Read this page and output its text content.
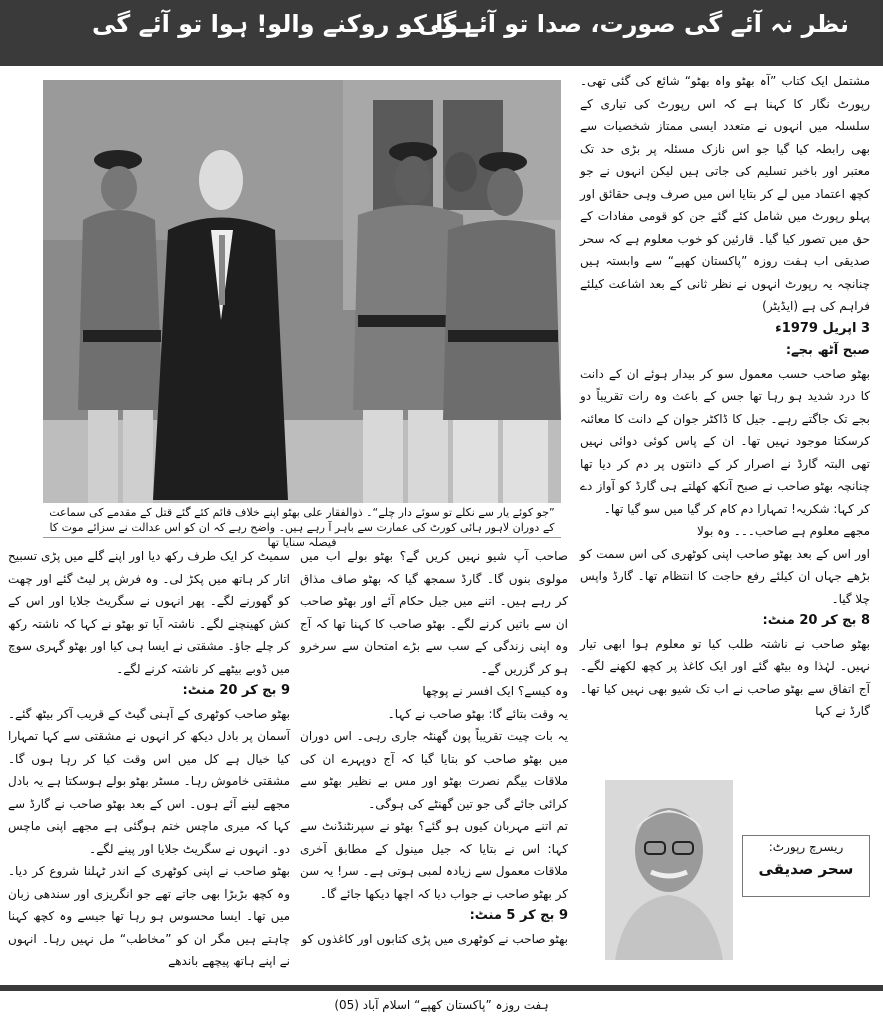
نظر نہ آئے گی صورت، صدا تو آئے گی
ہوا کو روکنے والو! ہوا تو آئے گی
”جو کوئے یار سے نکلے تو سوئے دار چلے“۔ ذوالفقار علی بھٹو اپنے خلاف قائم کئے گئے قتل کے مقدمے کی سماعت کے دوران لاہور ہائی کورٹ کی عمارت سے باہر آ رہے ہیں۔ واضح رہے کہ ان کو اس عدالت نے سزائے موت کا فیصلہ سنایا تھا

مشتمل ایک کتاب ”آہ بھٹو واہ بھٹو“ شائع کی گئی تھی۔ رپورٹ نگار کا کہنا ہے کہ اس رپورٹ کی تیاری کے سلسلہ میں انہوں نے متعدد ایسی ممتاز شخصیات سے بھی رابطہ کیا گیا جو اس نازک مسئلہ پر بڑی حد تک معتبر اور باخبر تسلیم کی جاتی ہیں لیکن انہوں نے جو کچھ اعتماد میں لے کر بتایا اس میں صرف وہی حقائق اور پہلو رپورٹ میں شامل کئے گئے جن کو قومی مفادات کے حق میں تصور کیا گیا۔ قارئین کو خوب معلوم ہے کہ سحر صدیقی اب ہفت روزہ ”پاکستان کھپے“ سے وابستہ ہیں چنانچہ یہ رپورٹ انہوں نے نظر ثانی کے بعد اشاعت کیلئے فراہم کی ہے (ایڈیٹر)

3 اپریل 1979ء

صبح آٹھ بجے:

بھٹو صاحب حسب معمول سو کر بیدار ہوئے ان کے دانت کا درد شدید ہو رہا تھا جس کے باعث وہ رات تقریباً دو بجے تک جاگتے رہے۔ جیل کا ڈاکٹر جوان کے دانت کا معائنہ کرسکتا موجود نہیں تھا۔ ان کے پاس کوئی دوائی نہیں تھی البتہ گارڈ نے اصرار کر کے دانتوں پر دم کر دیا تھا چنانچہ بھٹو صاحب نے صبح آنکھ کھلتے ہی گارڈ کو آواز دے کر کہا: شکریہ! تمہارا دم کام کر گیا میں سو گیا تھا۔

مجھے معلوم ہے صاحب۔۔۔ وہ بولا

اور اس کے بعد بھٹو صاحب اپنی کوٹھری کی اس سمت کو بڑھے جہاں ان کیلئے رفع حاجت کا انتظام تھا۔ گارڈ واپس چلا گیا۔

8 بج کر 20 منٹ:

بھٹو صاحب نے ناشتہ طلب کیا تو معلوم ہوا ابھی تیار نہیں۔ لہٰذا وہ بیٹھ گئے اور ایک کاغذ پر کچھ لکھنے لگے۔ آج اتفاق سے بھٹو صاحب نے اب تک شیو بھی نہیں کیا تھا۔ گارڈ نے کہا

صاحب آپ شیو نہیں کریں گے؟ بھٹو بولے اب میں مولوی بنوں گا۔ گارڈ سمجھ گیا کہ بھٹو صاف مذاق کر رہے ہیں۔ اتنے میں جیل حکام آئے اور بھٹو صاحب ان سے باتیں کرنے لگے۔ بھٹو صاحب کا کہنا تھا کہ آج وہ اپنی زندگی کے سب سے بڑے امتحان سے سرخرو ہو کر گزریں گے۔

وہ کیسے؟ ایک افسر نے پوچھا

یہ وقت بتائے گا: بھٹو صاحب نے کہا۔

یہ بات چیت تقریباً پون گھنٹہ جاری رہی۔ اس دوران میں بھٹو صاحب کو بتایا گیا کہ آج دوپہرے ان کی ملاقات بیگم نصرت بھٹو اور مس بے نظیر بھٹو سے کرائی جائے گی جو تین گھنٹے کی ہوگی۔

تم اتنے مہربان کیوں ہو گئے؟ بھٹو نے سپرنٹنڈنٹ سے کہا: اس نے بتایا کہ جیل مینول کے مطابق آخری ملاقات معمول سے زیادہ لمبی ہوتی ہے۔ سر! یہ سن کر بھٹو صاحب نے جواب دیا کہ اچھا دیکھا جائے گا۔

9 بج کر 5 منٹ:

بھٹو صاحب نے کوٹھری میں پڑی کتابوں اور کاغذوں کو

سمیٹ کر ایک طرف رکھ دیا اور اپنے گلے میں پڑی تسبیح اتار کر ہاتھ میں پکڑ لی۔ وہ فرش پر لیٹ گئے اور چھت کو گھورنے لگے۔ پھر انہوں نے سگریٹ جلایا اور اس کے کش کھینچنے لگے۔ ناشتہ آیا تو بھٹو نے کہا کہ ناشتہ رکھ کر چلے جاؤ۔ مشقتی نے ایسا ہی کیا اور بھٹو گہری سوچ میں ڈوبے بیٹھے کر ناشتہ کرنے لگے۔

9 بج کر 20 منٹ:

بھٹو صاحب کوٹھری کے آہنی گیٹ کے قریب آکر بیٹھ گئے۔ آسمان پر بادل دیکھ کر انہوں نے مشقتی سے کہا تمہارا کیا خیال ہے کل میں اس وقت کیا کر رہا ہوں گا۔ مشقتی خاموش رہا۔ مسٹر بھٹو بولے ہوسکتا ہے یہ بادل مجھے لینے آئے ہوں۔ اس کے بعد بھٹو صاحب نے گارڈ سے کہا کہ میری ماچس ختم ہوگئی ہے مجھے اپنی ماچس دو۔ انہوں نے سگریٹ جلایا اور پینے لگے۔

بھٹو صاحب نے اپنی کوٹھری کے اندر ٹہلنا شروع کر دیا۔ وہ کچھ بڑبڑا بھی جاتے تھے جو انگریزی اور سندھی زبان میں تھا۔ ایسا محسوس ہو رہا تھا جیسے وہ کچھ کہنا چاہتے ہیں مگر ان کو ”مخاطب“ مل نہیں رہا۔ انہوں نے اپنے ہاتھ پیچھے باندھے

ریسرچ رپورٹ:
سحر صدیقی
ہفت روزہ ”پاکستان کھپے“ اسلام آباد (05)
